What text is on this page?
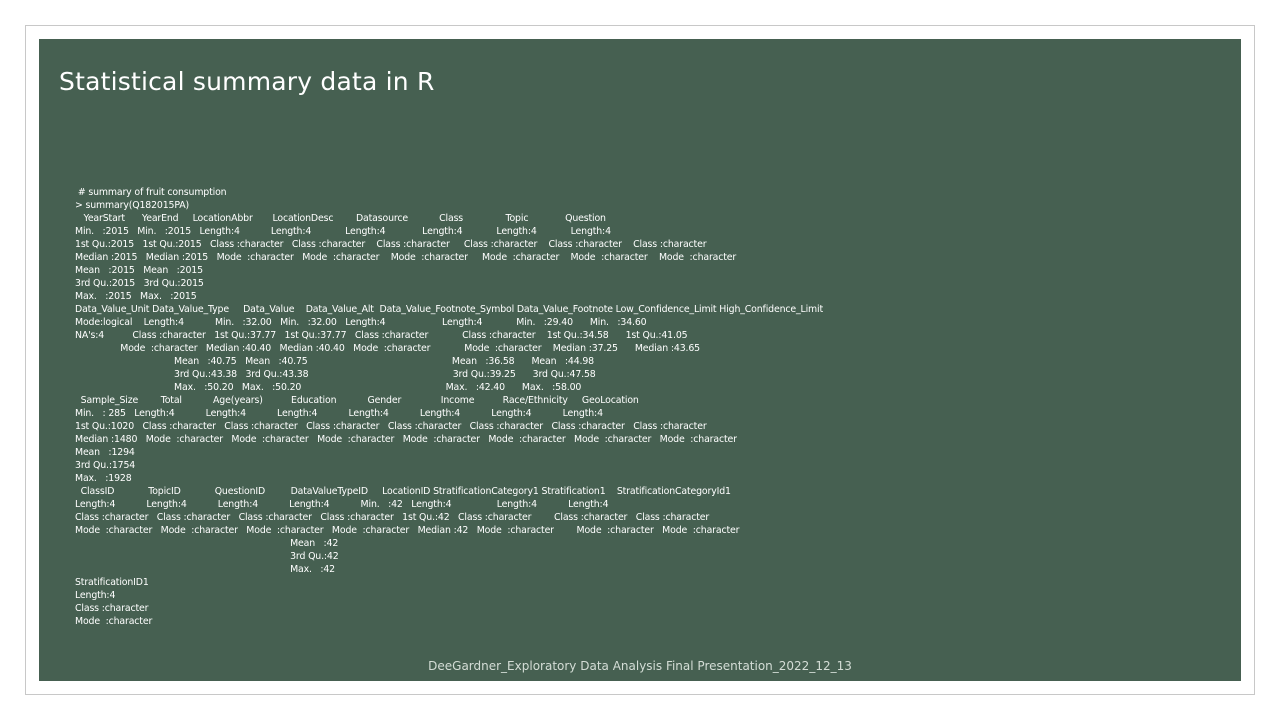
Statistical summary data in R
# summary of fruit consumption
> summary(Q182015PA)
YearStart      YearEnd     LocationAbbr       LocationDesc        Datasource           Class               Topic             Question
Min.   :2015   Min.   :2015   Length:4           Length:4            Length:4             Length:4            Length:4            Length:4
1st Qu.:2015   1st Qu.:2015   Class :character   Class :character    Class :character     Class :character    Class :character    Class :character
Median :2015   Median :2015   Mode  :character   Mode  :character    Mode  :character     Mode  :character    Mode  :character    Mode  :character
Mean   :2015   Mean   :2015
3rd Qu.:2015   3rd Qu.:2015
Max.   :2015   Max.   :2015
Data_Value_Unit Data_Value_Type     Data_Value    Data_Value_Alt  Data_Value_Footnote_Symbol Data_Value_Footnote Low_Confidence_Limit High_Confidence_Limit
Mode:logical    Length:4           Min.   :32.00   Min.   :32.00   Length:4                    Length:4            Min.   :29.40      Min.   :34.60
NA's:4          Class :character   1st Qu.:37.77   1st Qu.:37.77   Class :character            Class :character    1st Qu.:34.58      1st Qu.:41.05
Mode  :character   Median :40.40   Median :40.40   Mode  :character            Mode  :character    Median :37.25      Median :43.65
Mean   :40.75   Mean   :40.75                                                   Mean   :36.58      Mean   :44.98
3rd Qu.:43.38   3rd Qu.:43.38                                                   3rd Qu.:39.25      3rd Qu.:47.58
Max.   :50.20   Max.   :50.20                                                   Max.   :42.40      Max.   :58.00
Sample_Size        Total           Age(years)          Education           Gender              Income          Race/Ethnicity     GeoLocation
Min.   : 285   Length:4           Length:4           Length:4           Length:4           Length:4           Length:4           Length:4
1st Qu.:1020   Class :character   Class :character   Class :character   Class :character   Class :character   Class :character   Class :character
Median :1480   Mode  :character   Mode  :character   Mode  :character   Mode  :character   Mode  :character   Mode  :character   Mode  :character
Mean   :1294
3rd Qu.:1754
Max.   :1928
ClassID            TopicID            QuestionID         DataValueTypeID     LocationID StratificationCategory1 Stratification1    StratificationCategoryId1
Length:4           Length:4           Length:4           Length:4           Min.   :42   Length:4                Length:4           Length:4
Class :character   Class :character   Class :character   Class :character   1st Qu.:42   Class :character        Class :character   Class :character
Mode  :character   Mode  :character   Mode  :character   Mode  :character   Median :42   Mode  :character        Mode  :character   Mode  :character
Mean   :42
3rd Qu.:42
Max.   :42
StratificationID1
Length:4
Class :character
Mode  :character
DeeGardner_Exploratory Data Analysis Final Presentation_2022_12_13
